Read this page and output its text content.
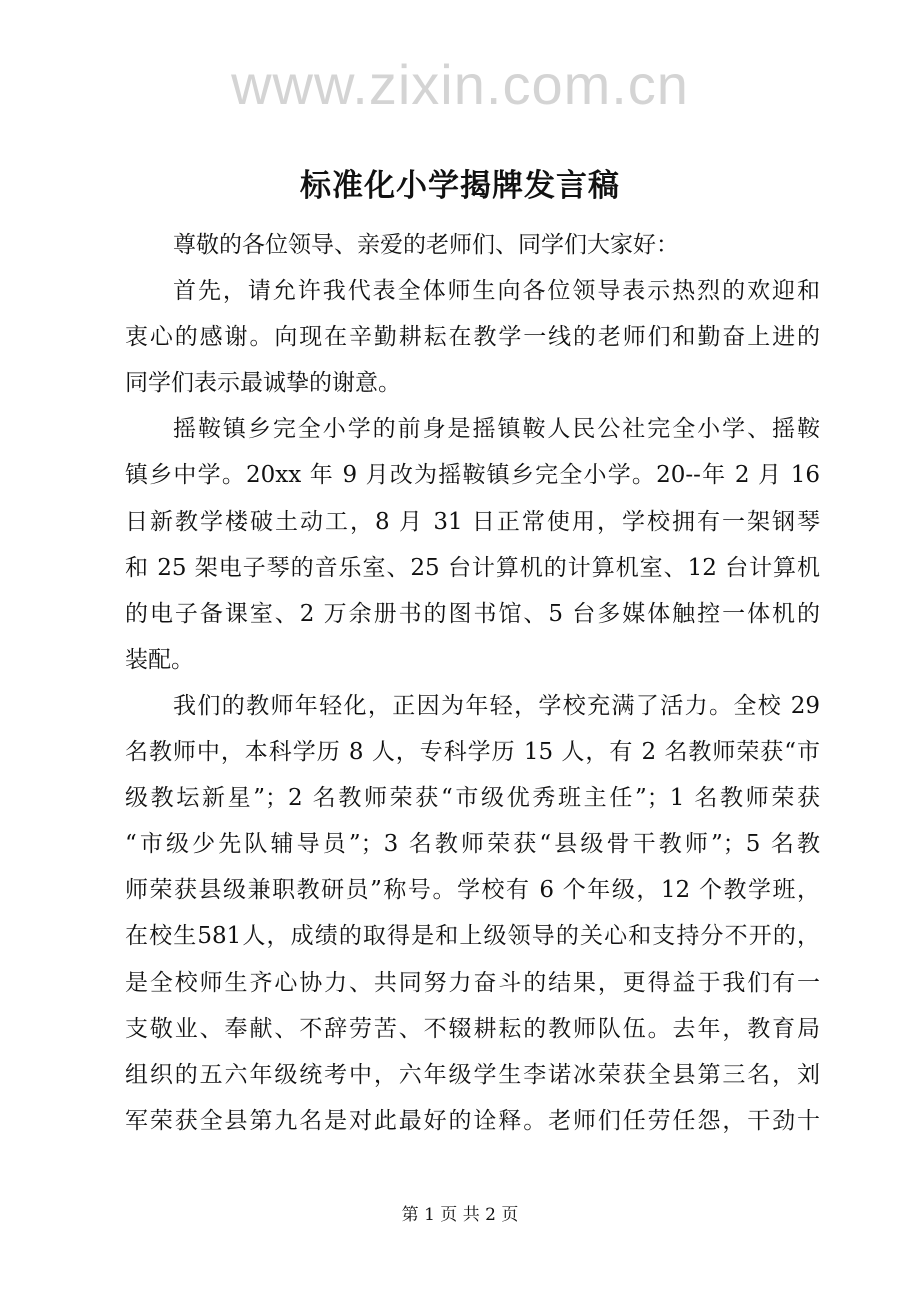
www.zixin.com.cn
标准化小学揭牌发言稿
尊敬的各位领导、亲爱的老师们、同学们大家好：
首先，请允许我代表全体师生向各位领导表示热烈的欢迎和
衷心的感谢。向现在辛勤耕耘在教学一线的老师们和勤奋上进的
同学们表示最诚挚的谢意。
摇鞍镇乡完全小学的前身是摇镇鞍人民公社完全小学、摇鞍
镇乡中学。20xx 年 9 月改为摇鞍镇乡完全小学。20--年 2 月 16
日新教学楼破土动工，8 月 31 日正常使用，学校拥有一架钢琴
和 25 架电子琴的音乐室、25 台计算机的计算机室、12 台计算机
的电子备课室、2 万余册书的图书馆、5 台多媒体触控一体机的
装配。
我们的教师年轻化，正因为年轻，学校充满了活力。全校 29
名教师中，本科学历 8 人，专科学历 15 人，有 2 名教师荣获“市
级教坛新星”；2 名教师荣获“市级优秀班主任”；1 名教师荣获
“市级少先队辅导员”；3 名教师荣获“县级骨干教师”；5 名教
师荣获县级兼职教研员”称号。学校有 6 个年级，12 个教学班，
在校生581人，成绩的取得是和上级领导的关心和支持分不开的，
是全校师生齐心协力、共同努力奋斗的结果，更得益于我们有一
支敬业、奉献、不辞劳苦、不辍耕耘的教师队伍。去年，教育局
组织的五六年级统考中，六年级学生李诺冰荣获全县第三名，刘
军荣获全县第九名是对此最好的诠释。老师们任劳任怨，干劲十
第 1 页 共 2 页
